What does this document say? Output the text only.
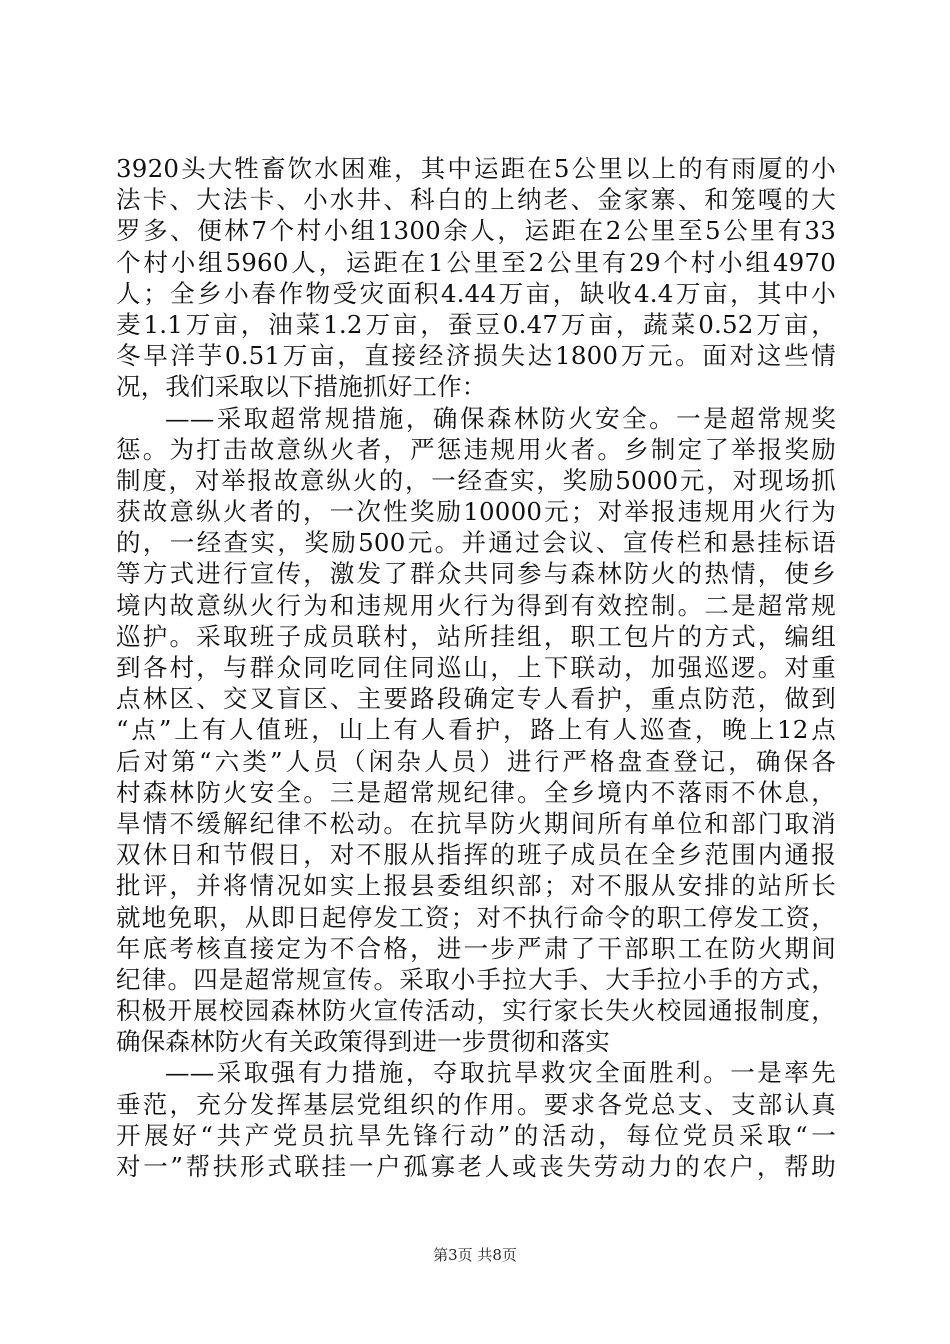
3920头大牲畜饮水困难，其中运距在5公里以上的有雨厦的小
法卡、大法卡、小水井、科白的上纳老、金家寨、和笼嘎的大
罗多、便林7个村小组1300余人，运距在2公里至5公里有33
个村小组5960人，运距在1公里至2公里有29个村小组4970
人；全乡小春作物受灾面积4.44万亩，缺收4.4万亩，其中小
麦1.1万亩，油菜1.2万亩，蚕豆0.47万亩，蔬菜0.52万亩，
冬早洋芋0.51万亩，直接经济损失达1800万元。面对这些情
况，我们采取以下措施抓好工作：
——采取超常规措施，确保森林防火安全。一是超常规奖
惩。为打击故意纵火者，严惩违规用火者。乡制定了举报奖励
制度，对举报故意纵火的，一经查实，奖励5000元，对现场抓
获故意纵火者的，一次性奖励10000元；对举报违规用火行为
的，一经查实，奖励500元。并通过会议、宣传栏和悬挂标语
等方式进行宣传，激发了群众共同参与森林防火的热情，使乡
境内故意纵火行为和违规用火行为得到有效控制。二是超常规
巡护。采取班子成员联村，站所挂组，职工包片的方式，编组
到各村，与群众同吃同住同巡山，上下联动，加强巡逻。对重
点林区、交叉盲区、主要路段确定专人看护，重点防范，做到
“点”上有人值班，山上有人看护，路上有人巡查，晚上12点
后对第“六类”人员（闲杂人员）进行严格盘查登记，确保各
村森林防火安全。三是超常规纪律。全乡境内不落雨不休息，
旱情不缓解纪律不松动。在抗旱防火期间所有单位和部门取消
双休日和节假日，对不服从指挥的班子成员在全乡范围内通报
批评，并将情况如实上报县委组织部；对不服从安排的站所长
就地免职，从即日起停发工资；对不执行命令的职工停发工资，
年底考核直接定为不合格，进一步严肃了干部职工在防火期间
纪律。四是超常规宣传。采取小手拉大手、大手拉小手的方式，
积极开展校园森林防火宣传活动，实行家长失火校园通报制度，
确保森林防火有关政策得到进一步贯彻和落实
——采取强有力措施，夺取抗旱救灾全面胜利。一是率先
垂范，充分发挥基层党组织的作用。要求各党总支、支部认真
开展好“共产党员抗旱先锋行动”的活动，每位党员采取“一
对一”帮扶形式联挂一户孤寡老人或丧失劳动力的农户，帮助
第3页 共8页
